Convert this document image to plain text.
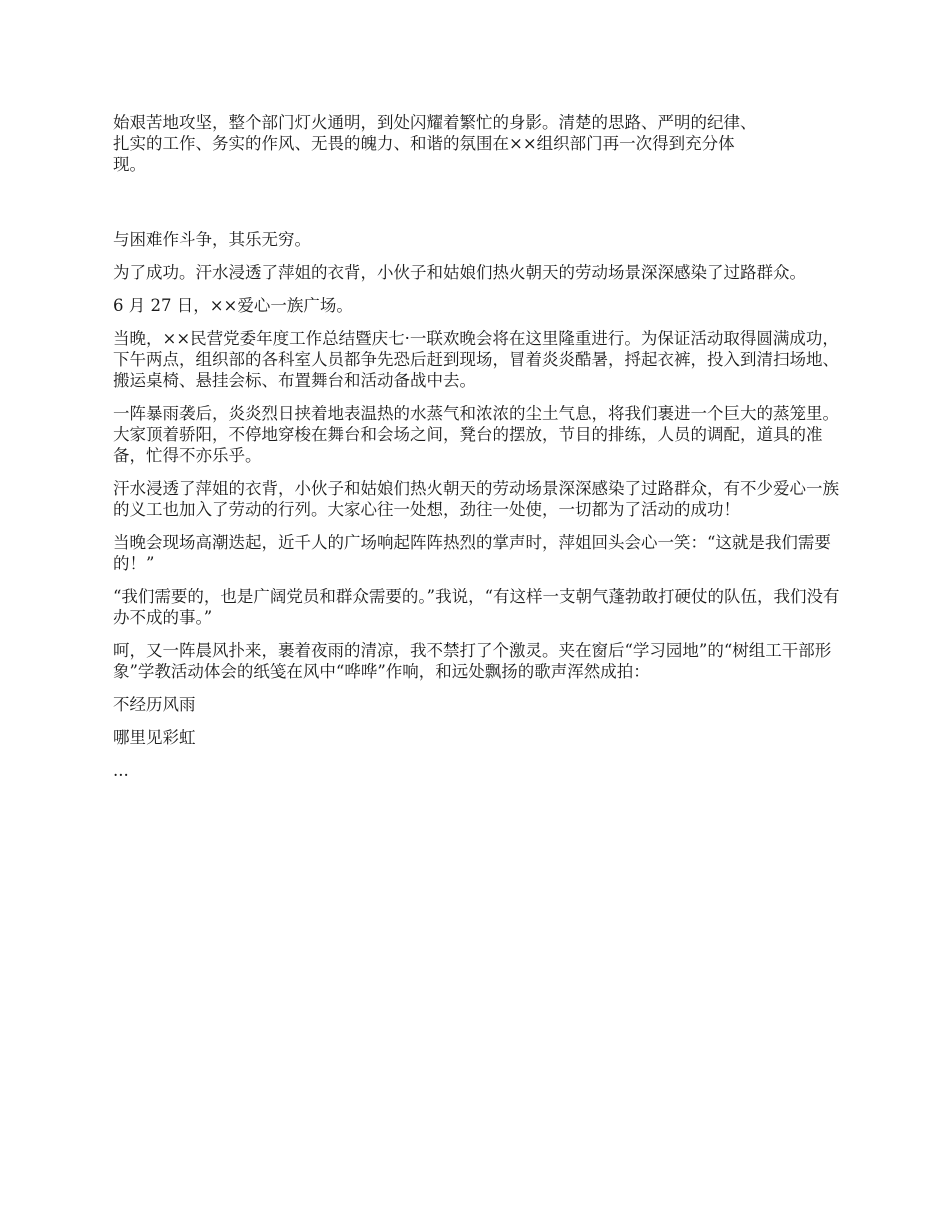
始艰苦地攻坚，整个部门灯火通明，到处闪耀着繁忙的身影。清楚的思路、严明的纪律、
扎实的工作、务实的作风、无畏的魄力、和谐的氛围在××组织部门再一次得到充分体
现。

与困难作斗争，其乐无穷。

为了成功。汗水浸透了萍姐的衣背，小伙子和姑娘们热火朝天的劳动场景深深感染了过路群众。

6 月 27 日，××爱心一族广场。

当晚，××民营党委年度工作总结暨庆七·一联欢晚会将在这里隆重进行。为保证活动取得圆满成功，下午两点，组织部的各科室人员都争先恐后赶到现场，冒着炎炎酷暑，捋起衣裤，投入到清扫场地、搬运桌椅、悬挂会标、布置舞台和活动备战中去。

一阵暴雨袭后，炎炎烈日挟着地表温热的水蒸气和浓浓的尘土气息，将我们裹进一个巨大的蒸笼里。大家顶着骄阳，不停地穿梭在舞台和会场之间，凳台的摆放，节目的排练，人员的调配，道具的准备，忙得不亦乐乎。

汗水浸透了萍姐的衣背，小伙子和姑娘们热火朝天的劳动场景深深感染了过路群众，有不少爱心一族的义工也加入了劳动的行列。大家心往一处想，劲往一处使，一切都为了活动的成功！

当晚会现场高潮迭起，近千人的广场响起阵阵热烈的掌声时，萍姐回头会心一笑：“这就是我们需要的！”

“我们需要的，也是广阔党员和群众需要的。”我说，“有这样一支朝气蓬勃敢打硬仗的队伍，我们没有办不成的事。”

呵，又一阵晨风扑来，裹着夜雨的清凉，我不禁打了个激灵。夹在窗后“学习园地”的“树组工干部形象”学教活动体会的纸笺在风中“哗哗”作响，和远处飘扬的歌声浑然成拍：

不经历风雨

哪里见彩虹

...
